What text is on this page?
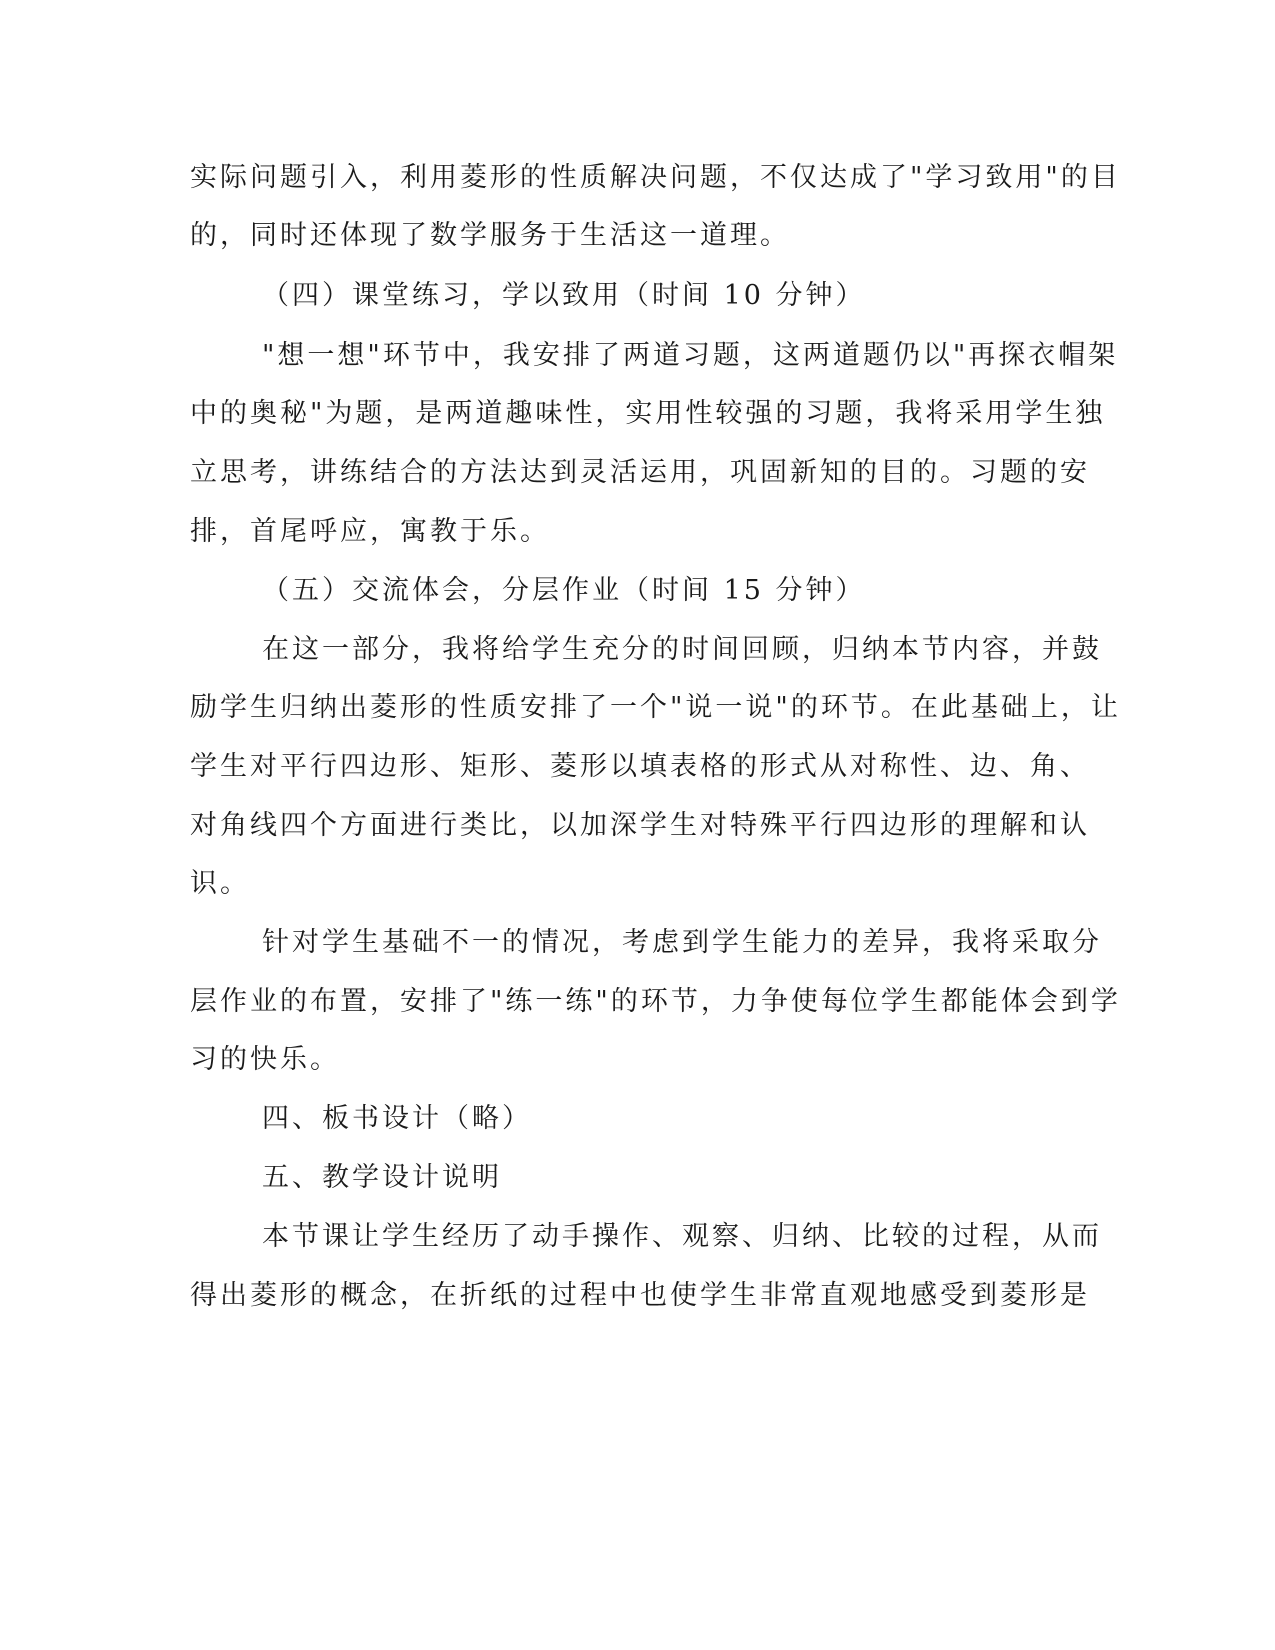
实际问题引入，利用菱形的性质解决问题，不仅达成了"学习致用"的目
的，同时还体现了数学服务于生活这一道理。
（四）课堂练习，学以致用（时间 10 分钟）
"想一想"环节中，我安排了两道习题，这两道题仍以"再探衣帽架
中的奥秘"为题，是两道趣味性，实用性较强的习题，我将采用学生独
立思考，讲练结合的方法达到灵活运用，巩固新知的目的。习题的安
排，首尾呼应，寓教于乐。
（五）交流体会，分层作业（时间 15 分钟）
在这一部分，我将给学生充分的时间回顾，归纳本节内容，并鼓
励学生归纳出菱形的性质安排了一个"说一说"的环节。在此基础上，让
学生对平行四边形、矩形、菱形以填表格的形式从对称性、边、角、
对角线四个方面进行类比，以加深学生对特殊平行四边形的理解和认
识。
针对学生基础不一的情况，考虑到学生能力的差异，我将采取分
层作业的布置，安排了"练一练"的环节，力争使每位学生都能体会到学
习的快乐。
四、板书设计（略）
五、教学设计说明
本节课让学生经历了动手操作、观察、归纳、比较的过程，从而
得出菱形的概念，在折纸的过程中也使学生非常直观地感受到菱形是
